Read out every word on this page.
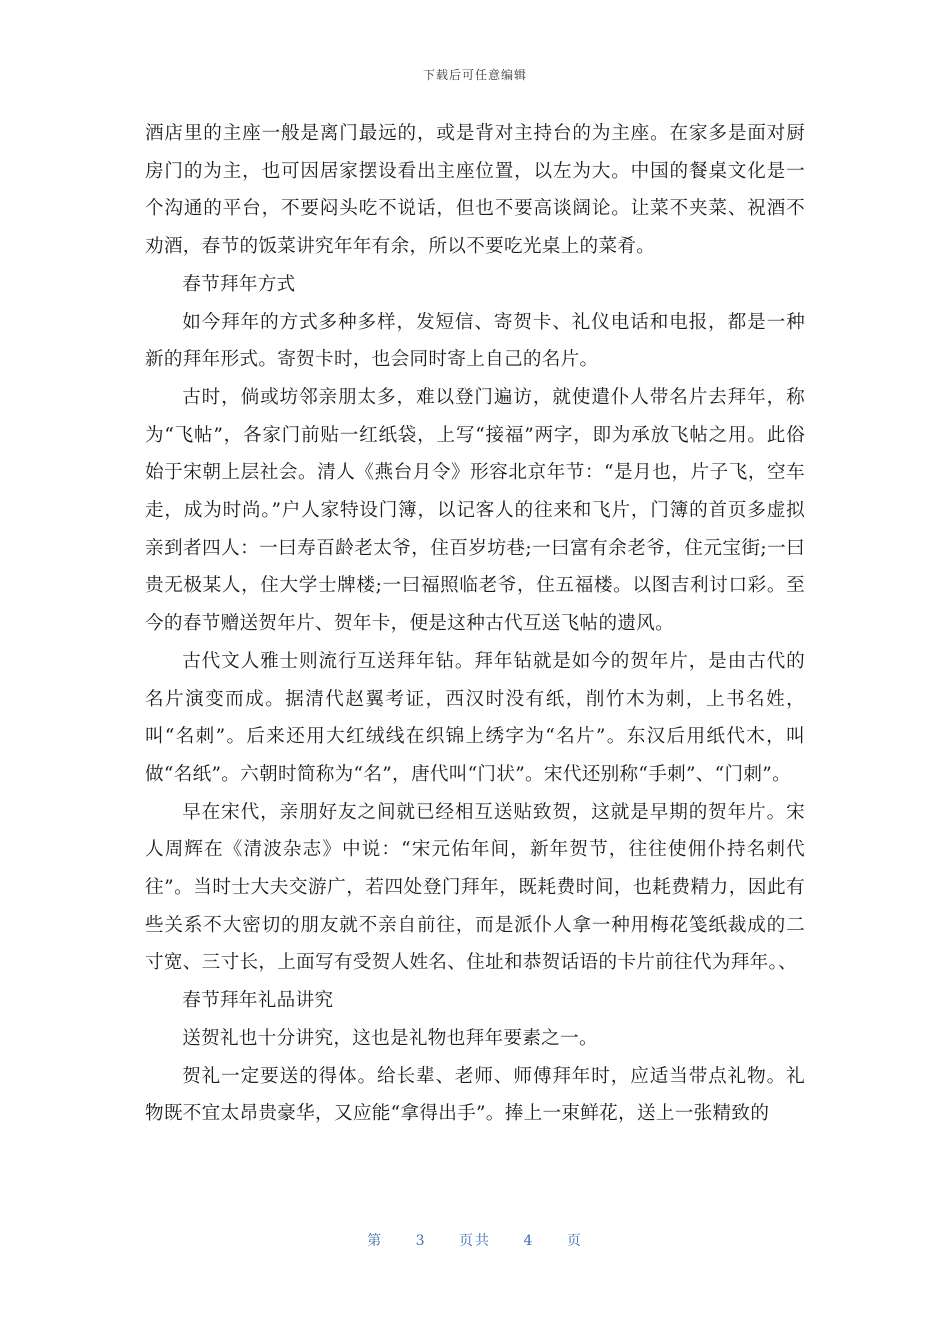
下载后可任意编辑

酒店里的主座一般是离门最远的，或是背对主持台的为主座。在家多是面对厨房门的为主，也可因居家摆设看出主座位置，以左为大。中国的餐桌文化是一个沟通的平台，不要闷头吃不说话，但也不要高谈阔论。让菜不夹菜、祝酒不劝酒，春节的饭菜讲究年年有余，所以不要吃光桌上的菜肴。

春节拜年方式

如今拜年的方式多种多样，发短信、寄贺卡、礼仪电话和电报，都是一种新的拜年形式。寄贺卡时，也会同时寄上自己的名片。

古时，倘或坊邻亲朋太多，难以登门遍访，就使遣仆人带名片去拜年，称为“飞帖”，各家门前贴一红纸袋，上写“接福”两字，即为承放飞帖之用。此俗始于宋朝上层社会。清人《燕台月令》形容北京年节：“是月也，片子飞，空车走，成为时尚。”户人家特设门簿，以记客人的往来和飞片，门簿的首页多虚拟亲到者四人：一曰寿百龄老太爷，住百岁坊巷;一曰富有余老爷，住元宝街;一曰贵无极某人，住大学士牌楼;一曰福照临老爷，住五福楼。以图吉利讨口彩。至今的春节赠送贺年片、贺年卡，便是这种古代互送飞帖的遗风。

古代文人雅士则流行互送拜年钻。拜年钻就是如今的贺年片，是由古代的名片演变而成。据清代赵翼考证，西汉时没有纸，削竹木为刺，上书名姓，叫“名刺”。后来还用大红绒线在织锦上绣字为“名片”。东汉后用纸代木，叫做“名纸”。六朝时简称为“名”，唐代叫“门状”。宋代还别称“手刺”、“门刺”。

早在宋代，亲朋好友之间就已经相互送贴致贺，这就是早期的贺年片。宋人周辉在《清波杂志》中说：“宋元佑年间，新年贺节，往往使佣仆持名刺代往”。当时士大夫交游广，若四处登门拜年，既耗费时间，也耗费精力，因此有些关系不大密切的朋友就不亲自前往，而是派仆人拿一种用梅花笺纸裁成的二寸宽、三寸长，上面写有受贺人姓名、住址和恭贺话语的卡片前往代为拜年。、

春节拜年礼品讲究

送贺礼也十分讲究，这也是礼物也拜年要素之一。

贺礼一定要送的得体。给长辈、老师、师傅拜年时，应适当带点礼物。礼物既不宜太昂贵豪华，又应能“拿得出手”。捧上一束鲜花，送上一张精致的

第 3 页共 4 页
